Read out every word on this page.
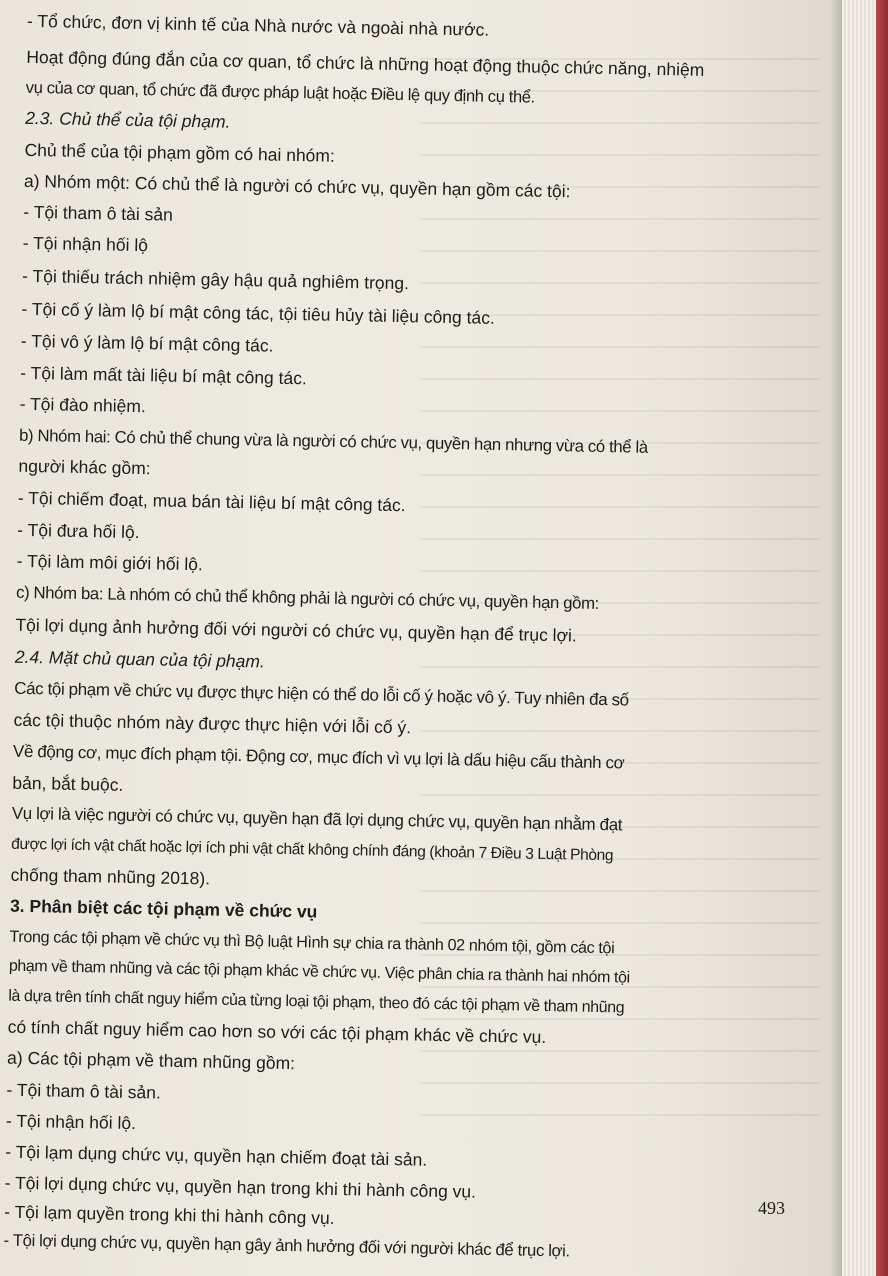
- Tổ chức, đơn vị kinh tế của Nhà nước và ngoài nhà nước.
Hoạt động đúng đắn của cơ quan, tổ chức là những hoạt động thuộc chức năng, nhiệm
vụ của cơ quan, tổ chức đã được pháp luật hoặc Điều lệ quy định cụ thể.
2.3. Chủ thể của tội phạm.
Chủ thể của tội phạm gồm có hai nhóm:
a) Nhóm một: Có chủ thể là người có chức vụ, quyền hạn gồm các tội:
- Tội tham ô tài sản
- Tội nhận hối lộ
- Tội thiếu trách nhiệm gây hậu quả nghiêm trọng.
- Tội cố ý làm lộ bí mật công tác, tội tiêu hủy tài liệu công tác.
- Tội vô ý làm lộ bí mật công tác.
- Tội làm mất tài liệu bí mật công tác.
- Tội đào nhiệm.
b) Nhóm hai: Có chủ thể chung vừa là người có chức vụ, quyền hạn nhưng vừa có thể là
người khác gồm:
- Tội chiếm đoạt, mua bán tài liệu bí mật công tác.
- Tội đưa hối lộ.
- Tội làm môi giới hối lộ.
c) Nhóm ba: Là nhóm có chủ thể không phải là người có chức vụ, quyền hạn gồm:
Tội lợi dụng ảnh hưởng đối với người có chức vụ, quyền hạn để trục lợi.
2.4. Mặt chủ quan của tội phạm.
Các tội phạm về chức vụ được thực hiện có thể do lỗi cố ý hoặc vô ý. Tuy nhiên đa số
các tội thuộc nhóm này được thực hiện với lỗi cố ý.
Về động cơ, mục đích phạm tội. Động cơ, mục đích vì vụ lợi là dấu hiệu cấu thành cơ
bản, bắt buộc.
Vụ lợi là việc người có chức vụ, quyền hạn đã lợi dụng chức vụ, quyền hạn nhằm đạt
được lợi ích vật chất hoặc lợi ích phi vật chất không chính đáng (khoản 7 Điều 3 Luật Phòng
chống tham nhũng 2018).
3. Phân biệt các tội phạm về chức vụ
Trong các tội phạm về chức vụ thì Bộ luật Hình sự chia ra thành 02 nhóm tội, gồm các tội
phạm về tham nhũng và các tội phạm khác về chức vụ. Việc phân chia ra thành hai nhóm tội
là dựa trên tính chất nguy hiểm của từng loại tội phạm, theo đó các tội phạm về tham nhũng
có tính chất nguy hiểm cao hơn so với các tội phạm khác về chức vụ.
a) Các tội phạm về tham nhũng gồm:
- Tội tham ô tài sản.
- Tội nhận hối lộ.
- Tội lạm dụng chức vụ, quyền hạn chiếm đoạt tài sản.
- Tội lợi dụng chức vụ, quyền hạn trong khi thi hành công vụ.
- Tội lạm quyền trong khi thi hành công vụ.
- Tội lợi dụng chức vụ, quyền hạn gây ảnh hưởng đối với người khác để trục lợi.
493
